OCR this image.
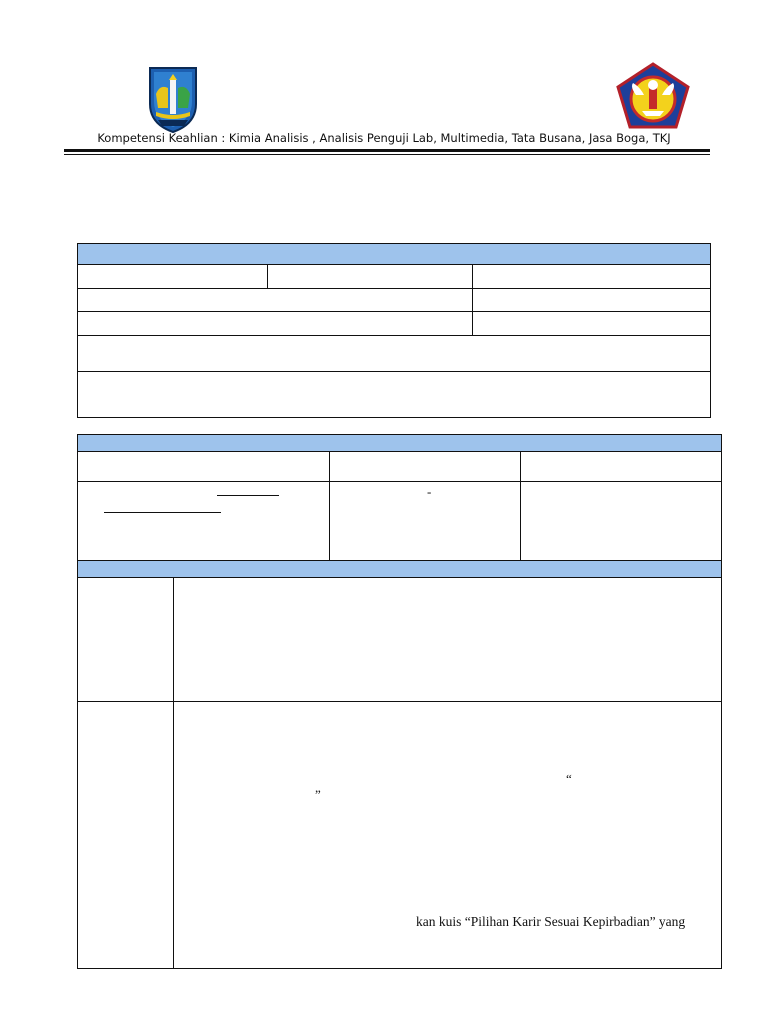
Kompetensi Keahlian : Kimia Analisis , Analisis Penguji Lab, Multimedia, Tata Busana, Jasa Boga, TKJ
-
“
”
kan kuis “Pilihan Karir Sesuai Kepirbadian” yang
